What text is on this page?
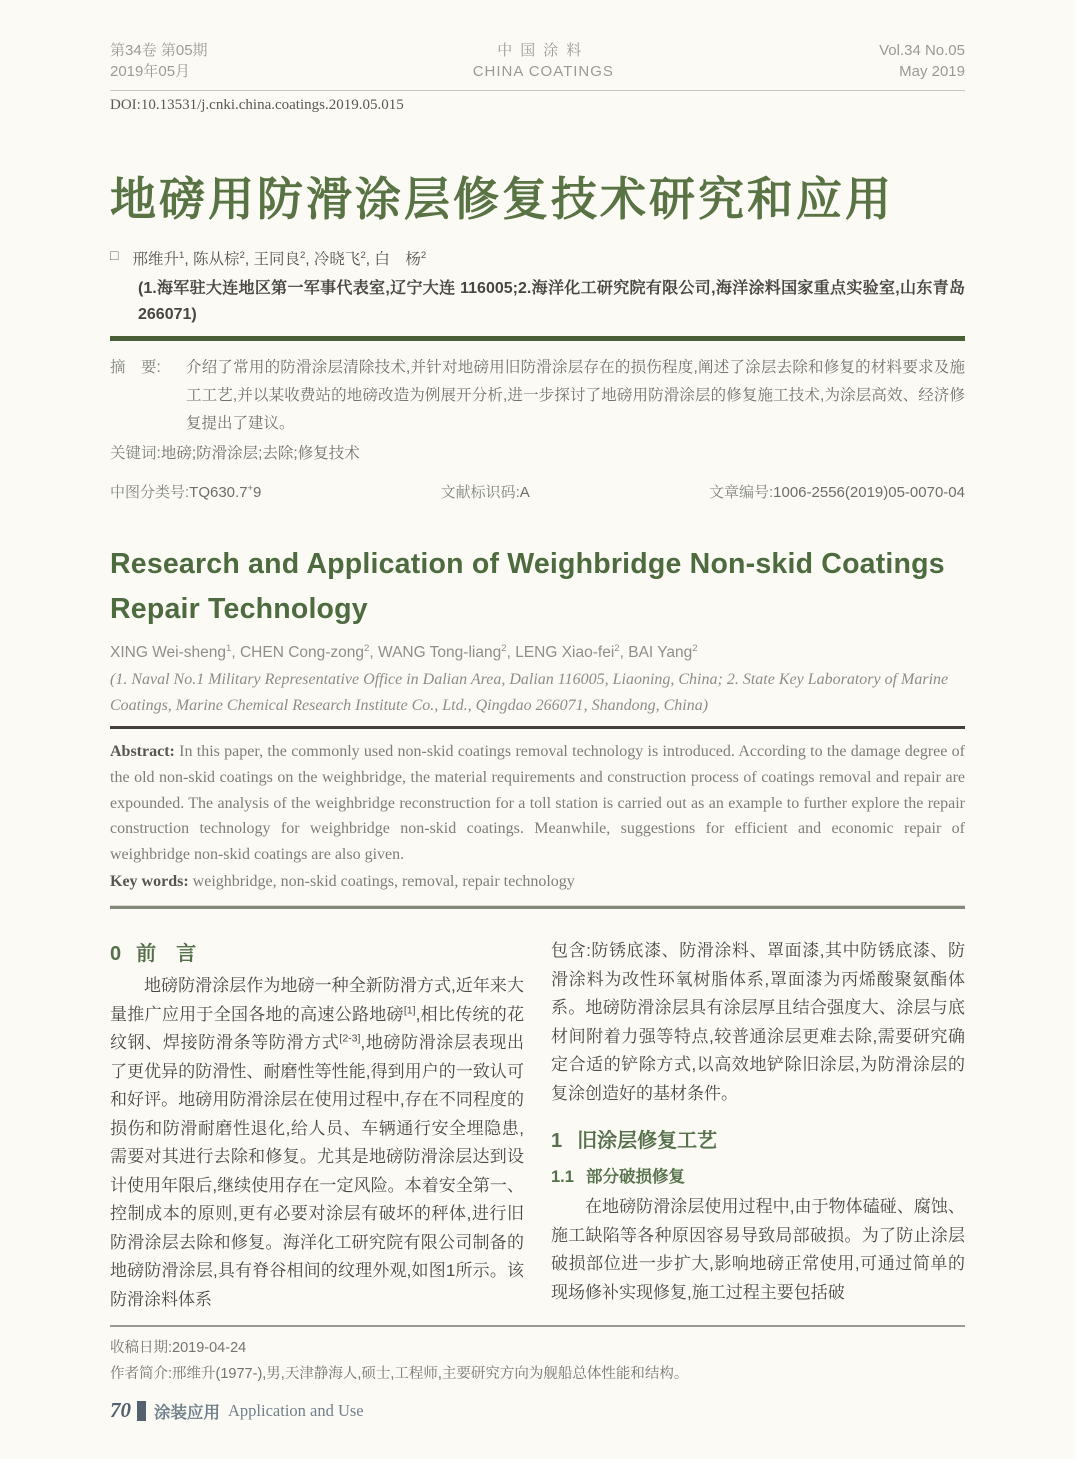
第34卷 第05期
2019年05月
中国涂料
CHINA COATINGS
Vol.34 No.05
May 2019
DOI:10.13531/j.cnki.china.coatings.2019.05.015
地磅用防滑涂层修复技术研究和应用
□ 邢维升$^1$, 陈从棕$^2$, 王同良$^2$, 冷晓飞$^2$, 白　杨$^2$
(1.海军驻大连地区第一军事代表室,辽宁大连 116005;2.海洋化工研究院有限公司,海洋涂料国家重点实验室,山东青岛 266071)
摘　要:	介绍了常用的防滑涂层清除技术,并针对地磅用旧防滑涂层存在的损伤程度,阐述了涂层去除和修复的材料要求及施工工艺,并以某收费站的地磅改造为例展开分析,进一步探讨了地磅用防滑涂层的修复施工技术,为涂层高效、经济修复提出了建议。
关键词: 地磅;防滑涂层;去除;修复技术
中图分类号:TQ630.7+9	文献标识码:A	文章编号:1006-2556(2019)05-0070-04
Research and Application of Weighbridge Non-skid Coatings Repair Technology
XING Wei-sheng$^1$, CHEN Cong-zong$^2$, WANG Tong-liang$^2$, LENG Xiao-fei$^2$, BAI Yang$^2$
(1. Naval No.1 Military Representative Office in Dalian Area, Dalian 116005, Liaoning, China; 2. State Key Laboratory of Marine Coatings, Marine Chemical Research Institute Co., Ltd., Qingdao 266071, Shandong, China)
Abstract: In this paper, the commonly used non-skid coatings removal technology is introduced. According to the damage degree of the old non-skid coatings on the weighbridge, the material requirements and construction process of coatings removal and repair are expounded. The analysis of the weighbridge reconstruction for a toll station is carried out as an example to further explore the repair construction technology for weighbridge non-skid coatings. Meanwhile, suggestions for efficient and economic repair of weighbridge non-skid coatings are also given.
Key words: weighbridge, non-skid coatings, removal, repair technology
0 前　言
地磅防滑涂层作为地磅一种全新防滑方式,近年来大量推广应用于全国各地的高速公路地磅[1],相比传统的花纹钢、焊接防滑条等防滑方式[2-3],地磅防滑涂层表现出了更优异的防滑性、耐磨性等性能,得到用户的一致认可和好评。地磅用防滑涂层在使用过程中,存在不同程度的损伤和防滑耐磨性退化,给人员、车辆通行安全埋隐患,需要对其进行去除和修复。尤其是地磅防滑涂层达到设计使用年限后,继续使用存在一定风险。本着安全第一、控制成本的原则,更有必要对涂层有破坏的秤体,进行旧防滑涂层去除和修复。海洋化工研究院有限公司制备的地磅防滑涂层,具有脊谷相间的纹理外观,如图1所示。该防滑涂料体系
包含:防锈底漆、防滑涂料、罩面漆,其中防锈底漆、防滑涂料为改性环氧树脂体系,罩面漆为丙烯酸聚氨酯体系。地磅防滑涂层具有涂层厚且结合强度大、涂层与底材间附着力强等特点,较普通涂层更难去除,需要研究确定合适的铲除方式,以高效地铲除旧涂层,为防滑涂层的复涂创造好的基材条件。
1 旧涂层修复工艺
1.1 部分破损修复
在地磅防滑涂层使用过程中,由于物体磕碰、腐蚀、施工缺陷等各种原因容易导致局部破损。为了防止涂层破损部位进一步扩大,影响地磅正常使用,可通过简单的现场修补实现修复,施工过程主要包括破
收稿日期:2019-04-24
作者简介:邢维升(1977-),男,天津静海人,硕士,工程师,主要研究方向为舰船总体性能和结构。
70 涂装应用 Application and Use
